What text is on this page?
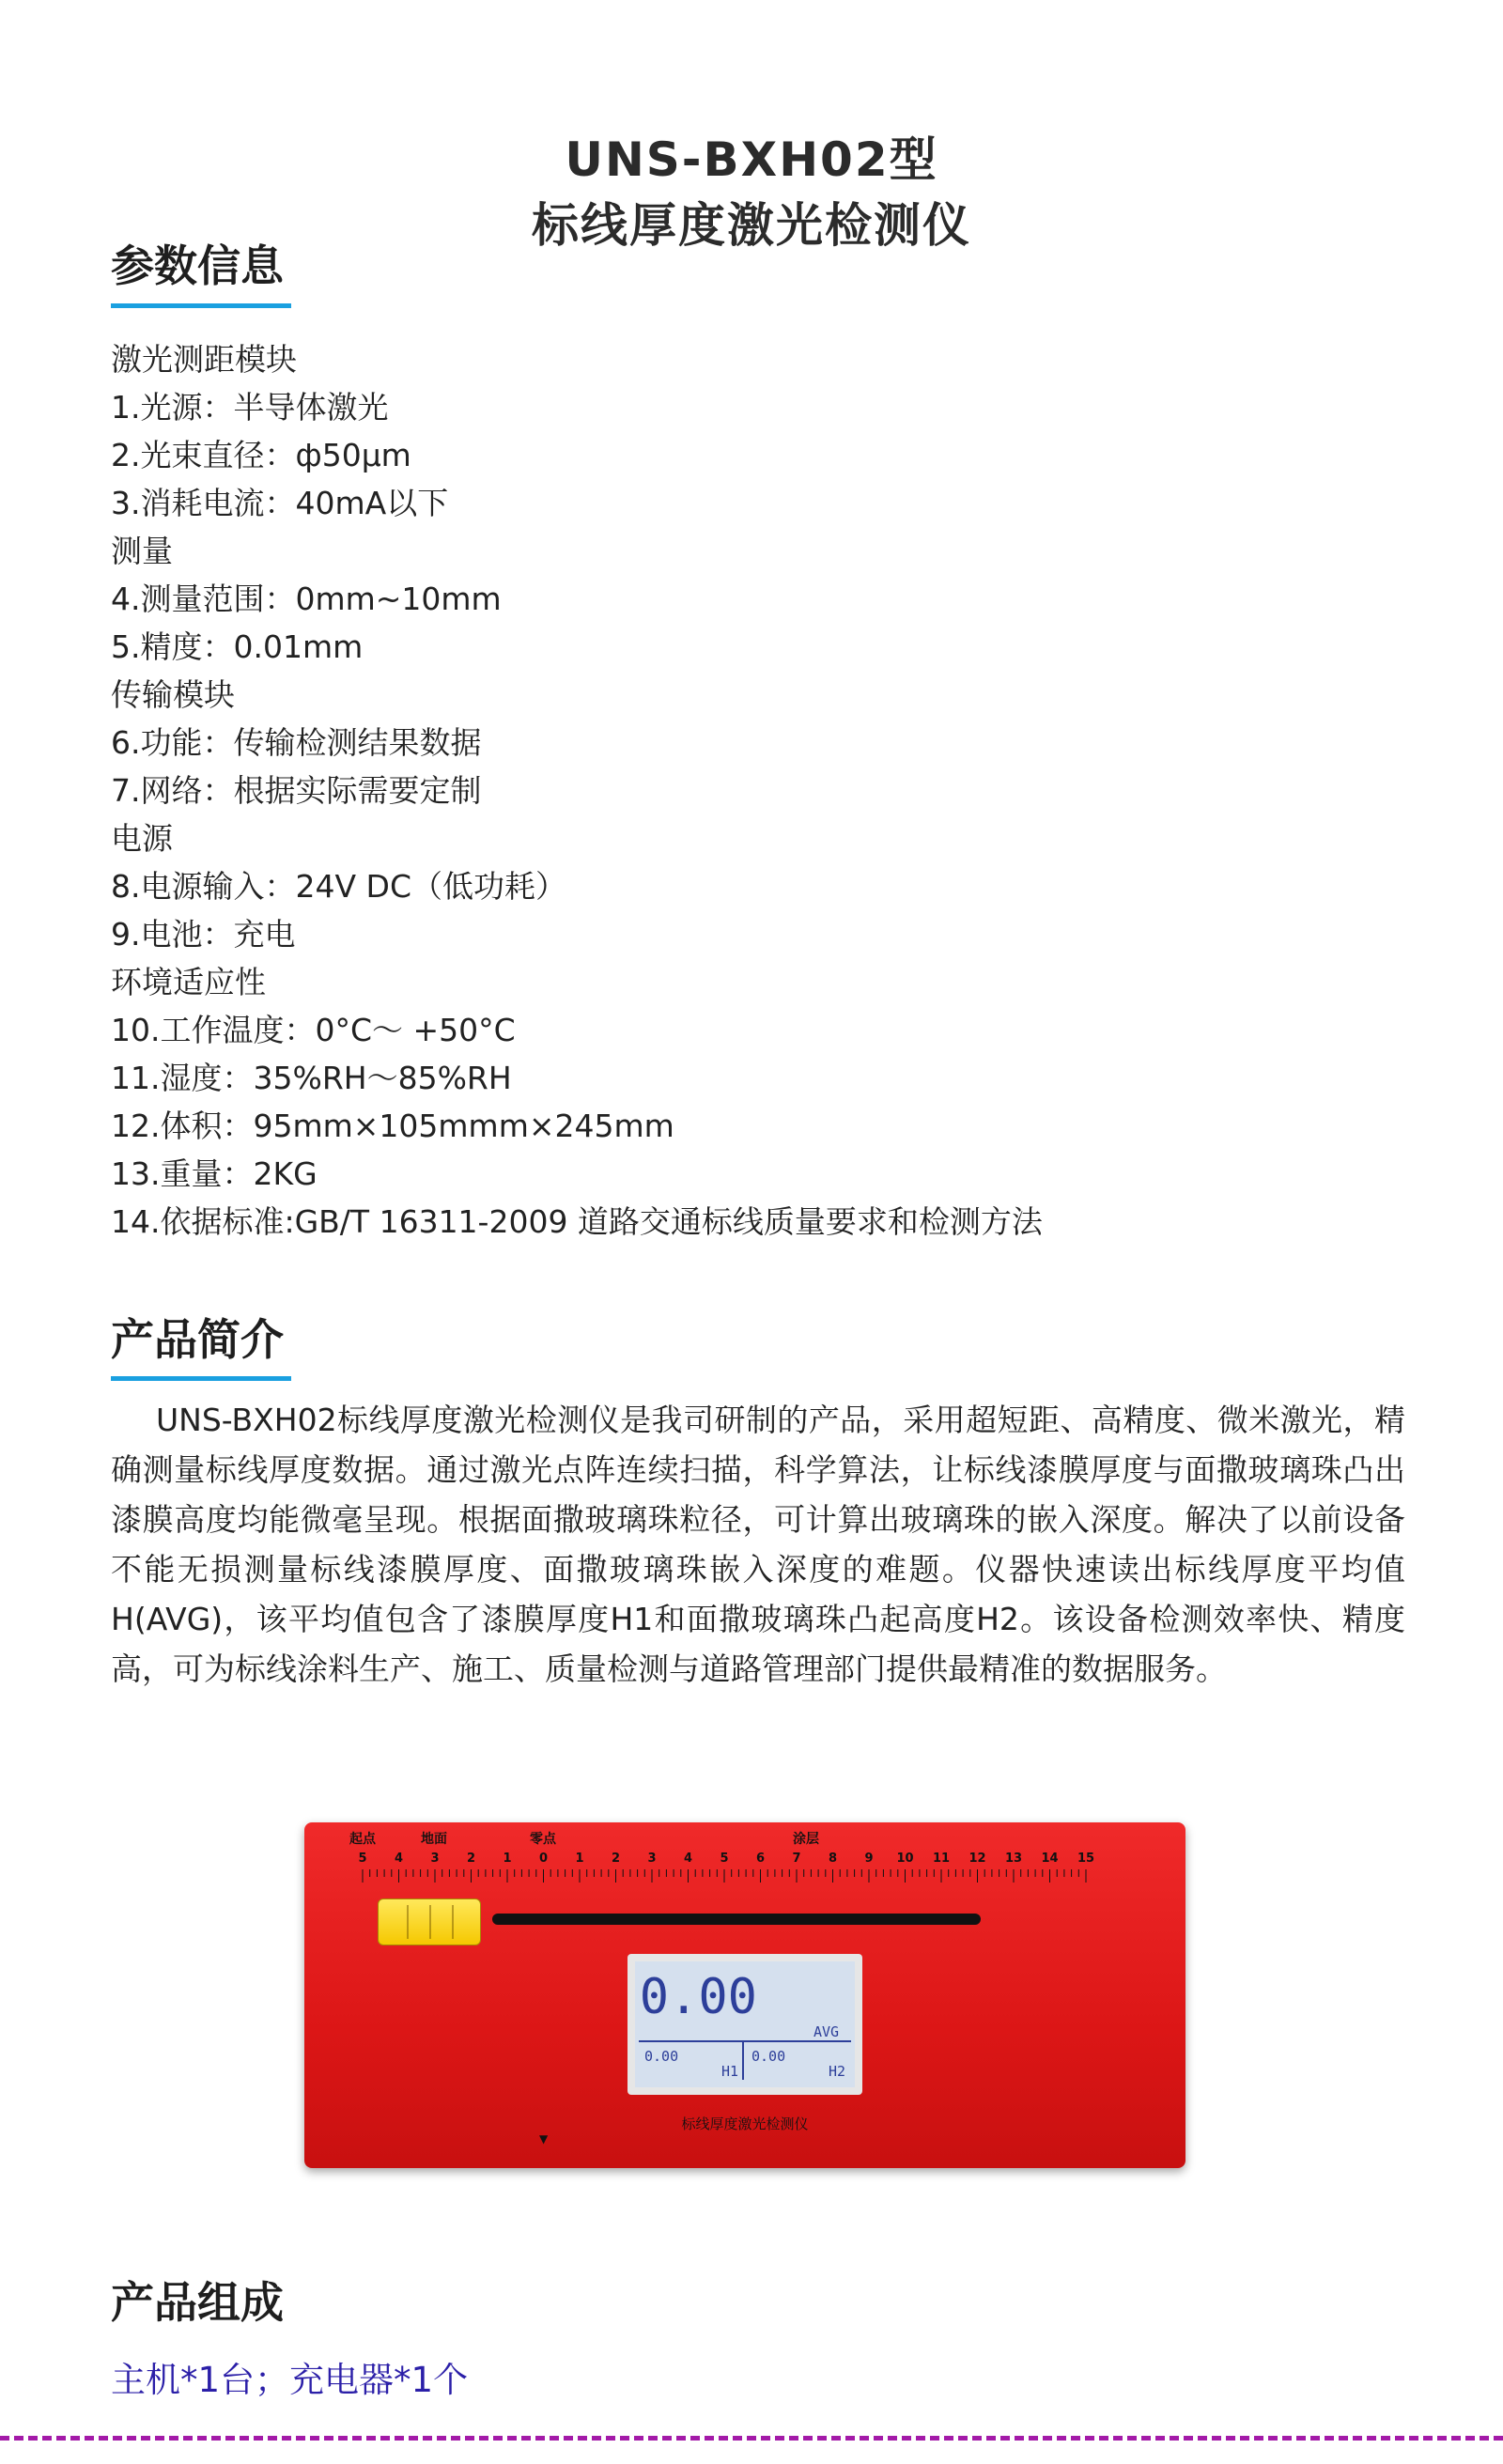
UNS-BXH02型
标线厚度激光检测仪
参数信息
激光测距模块
1.光源：半导体激光
2.光束直径：ф50μm
3.消耗电流：40mA以下
测量
4.测量范围：0mm~10mm
5.精度：0.01mm
传输模块
6.功能：传输检测结果数据
7.网络：根据实际需要定制
电源
8.电源输入：24V DC（低功耗）
9.电池：充电
环境适应性
10.工作温度：0°C～ +50°C
11.湿度：35%RH～85%RH
12.体积：95mm×105mmm×245mm
13.重量：2KG
14.依据标准:GB/T 16311-2009 道路交通标线质量要求和检测方法
产品简介

UNS-BXH02标线厚度激光检测仪是我司研制的产品，采用超短距、高精度、微米激光，精确测量标线厚度数据。通过激光点阵连续扫描，科学算法，让标线漆膜厚度与面撒玻璃珠凸出漆膜高度均能微毫呈现。根据面撒玻璃珠粒径，可计算出玻璃珠的嵌入深度。解决了以前设备不能无损测量标线漆膜厚度、面撒玻璃珠嵌入深度的难题。仪器快速读出标线厚度平均值H(AVG)，该平均值包含了漆膜厚度H1和面撒玻璃珠凸起高度H2。该设备检测效率快、精度高，可为标线涂料生产、施工、质量检测与道路管理部门提供最精准的数据服务。

起点	地面	零点	涂层
5 4 3 2 1 0 1 2 3 4 5 6 7 8 9 10 11 12 13 14 15
0.00
AVG
0.00
H1
0.00
H2
标线厚度激光检测仪
▼
产品组成
主机*1台；充电器*1个
